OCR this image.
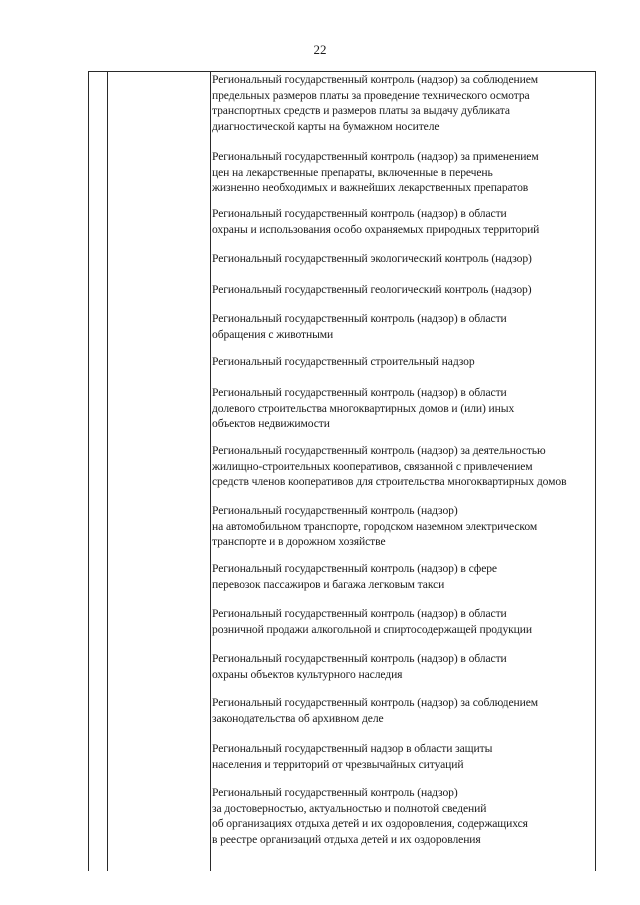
22
Региональный государственный контроль (надзор) за соблюдением
предельных размеров платы за проведение технического осмотра
транспортных средств и размеров платы за выдачу дубликата
диагностической карты на бумажном носителе
Региональный государственный контроль (надзор) за применением
цен на лекарственные препараты, включенные в перечень
жизненно необходимых и важнейших лекарственных препаратов
Региональный государственный контроль (надзор) в области
охраны и использования особо охраняемых природных территорий
Региональный государственный экологический контроль (надзор)
Региональный государственный геологический контроль (надзор)
Региональный государственный контроль (надзор) в области
обращения с животными
Региональный государственный строительный надзор
Региональный государственный контроль (надзор) в области
долевого строительства многоквартирных домов и (или) иных
объектов недвижимости
Региональный государственный контроль (надзор) за деятельностью
жилищно-строительных кооперативов, связанной с привлечением
средств членов кооперативов для строительства многоквартирных домов
Региональный государственный контроль (надзор)
на автомобильном транспорте, городском наземном электрическом
транспорте и в дорожном хозяйстве
Региональный государственный контроль (надзор) в сфере
перевозок пассажиров и багажа легковым такси
Региональный государственный контроль (надзор) в области
розничной продажи алкогольной и спиртосодержащей продукции
Региональный государственный контроль (надзор) в области
охраны объектов культурного наследия
Региональный государственный контроль (надзор) за соблюдением
законодательства об архивном деле
Региональный государственный надзор в области защиты
населения и территорий от чрезвычайных ситуаций
Региональный государственный контроль (надзор)
за достоверностью, актуальностью и полнотой сведений
об организациях отдыха детей и их оздоровления, содержащихся
в реестре организаций отдыха детей и их оздоровления
